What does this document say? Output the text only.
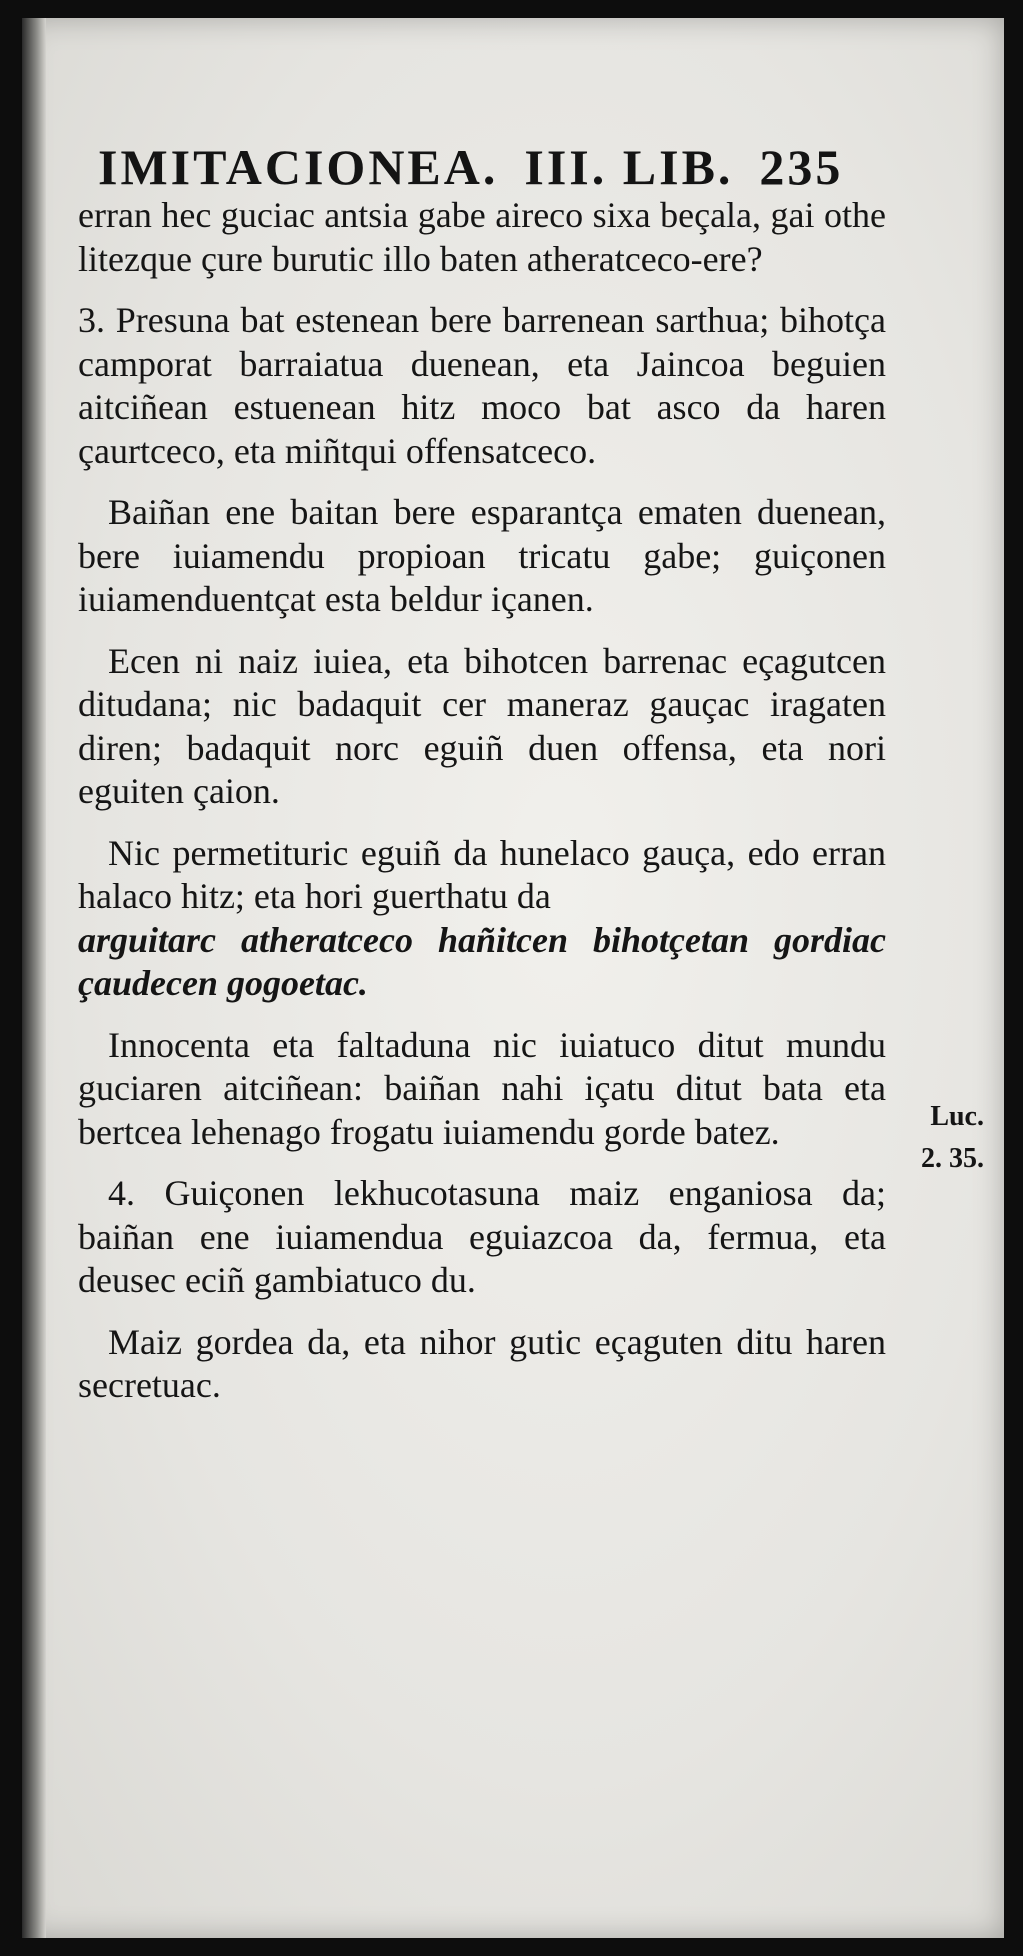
IMITACIONEA. III. LIB. 235

erran hec guciac antsia gabe aireco sixa beçala, gai othe litezque çure burutic illo baten atheratceco-ere?

3. Presuna bat estenean bere barrenean sarthua; bihotça camporat barraiatua duenean, eta Jaincoa beguien aitciñean estuenean hitz moco bat asco da haren çaurtceco, eta miñtqui offensatceco.

Baiñan ene baitan bere esparantça ematen duenean, bere iuiamendu propioan tricatu gabe; guiçonen iuiamenduentçat esta beldur içanen.

Ecen ni naiz iuiea, eta bihotcen barrenac eçagutcen ditudana; nic badaquit cer maneraz gauçac iragaten diren; badaquit norc eguiñ duen offensa, eta nori eguiten çaion.

Nic permetituric eguiñ da hunelaco gauça, edo erran halaco hitz; eta hori guerthatu da

arguitarc atheratceco hañitcen bihotçetan gordiac çaudecen gogoetac.

Innocenta eta faltaduna nic iuiatuco ditut mundu guciaren aitciñean: baiñan nahi içatu ditut bata eta bertcea lehenago frogatu iuiamendu gorde batez.

4. Guiçonen lekhucotasuna maiz enganiosa da; baiñan ene iuiamendua eguiazcoa da, fermua, eta deusec eciñ gambiatuco du.

Maiz gordea da, eta nihor gutic eçaguten ditu haren secretuac.

Luc.
2. 35.
